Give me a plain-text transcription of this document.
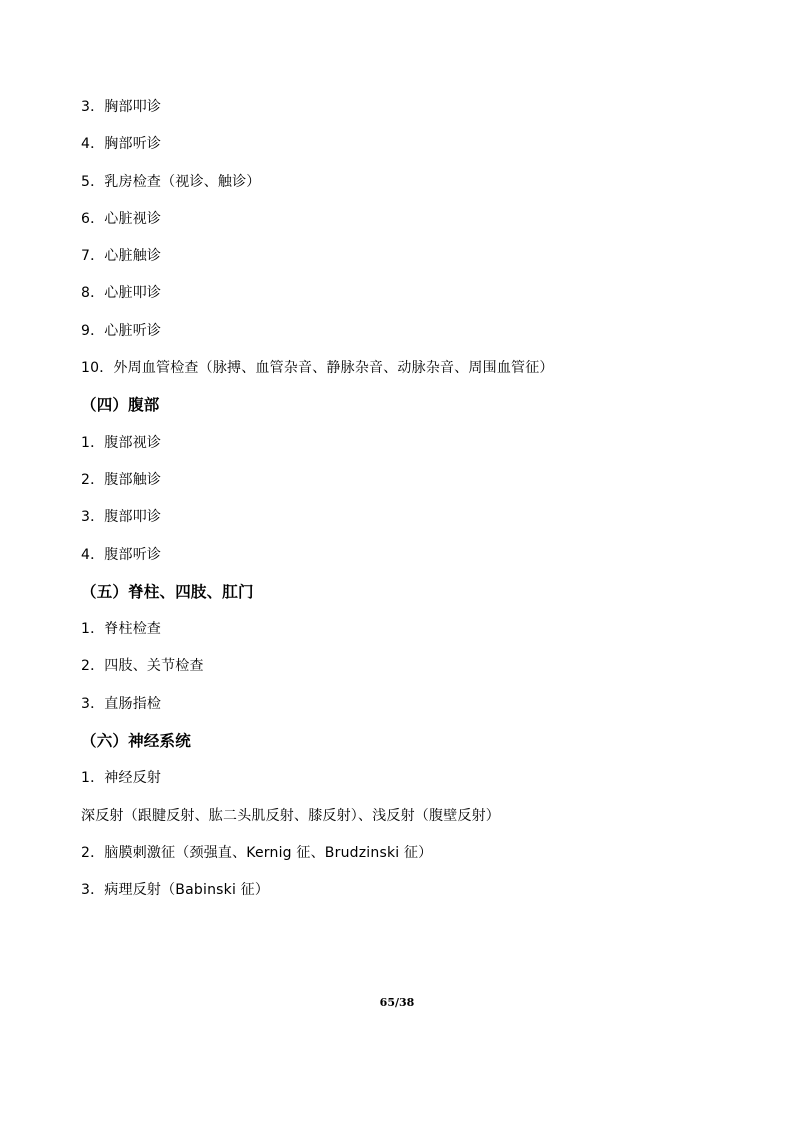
3．胸部叩诊
4．胸部听诊
5．乳房检查（视诊、触诊）
6．心脏视诊
7．心脏触诊
8．心脏叩诊
9．心脏听诊
10．外周血管检查（脉搏、血管杂音、静脉杂音、动脉杂音、周围血管征）
（四）腹部
1．腹部视诊
2．腹部触诊
3．腹部叩诊
4．腹部听诊
（五）脊柱、四肢、肛门
1．脊柱检查
2．四肢、关节检查
3．直肠指检
（六）神经系统
1．神经反射
深反射（跟腱反射、肱二头肌反射、膝反射）、浅反射（腹壁反射）
2．脑膜刺激征（颈强直、Kernig 征、Brudzinski 征）
3．病理反射（Babinski 征）
65/38
